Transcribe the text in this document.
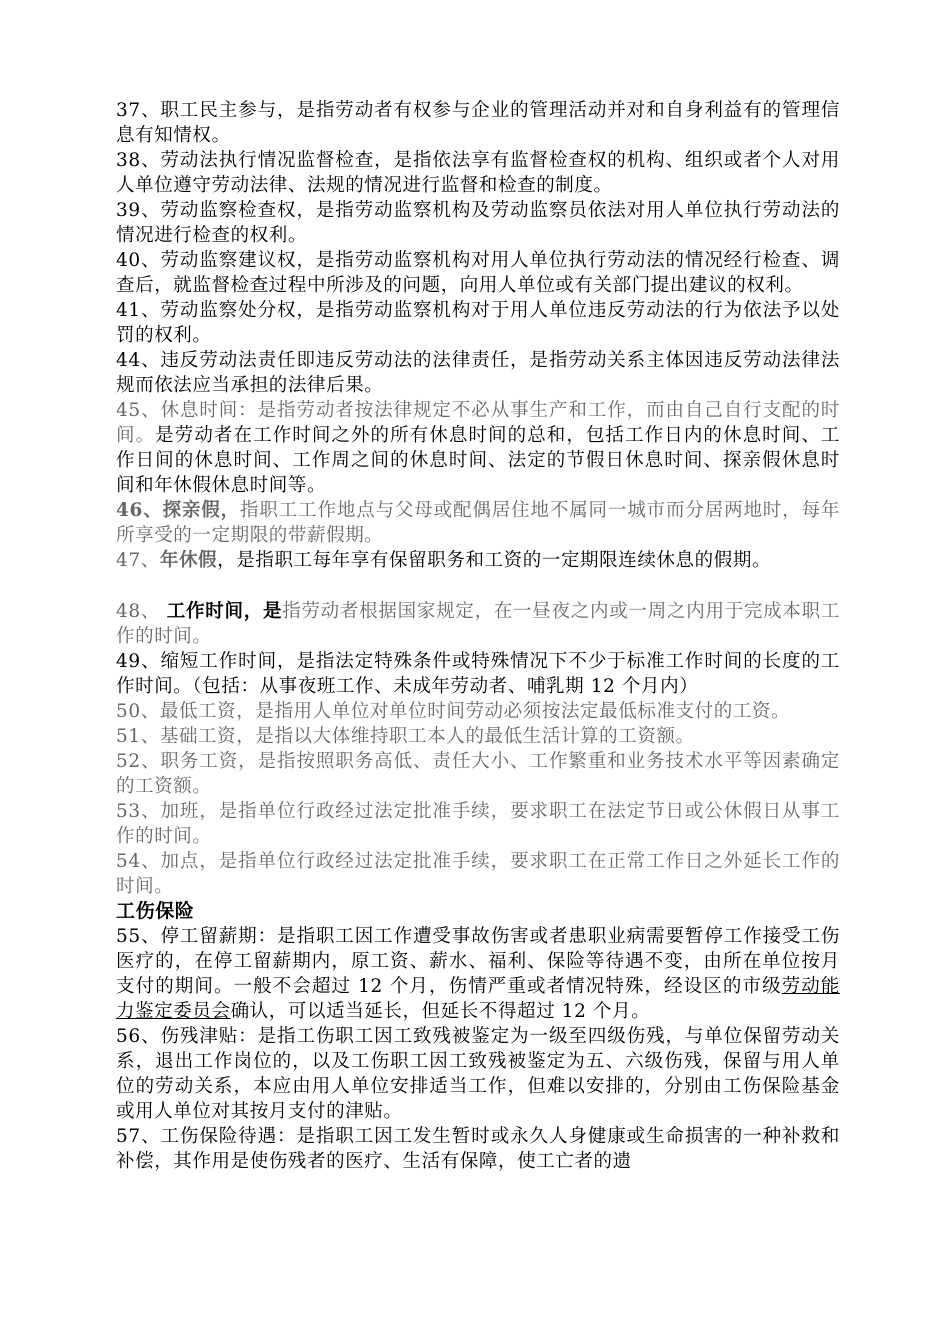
37、职工民主参与，是指劳动者有权参与企业的管理活动并对和自身利益有的管理信息有知情权。

38、劳动法执行情况监督检查，是指依法享有监督检查权的机构、组织或者个人对用人单位遵守劳动法律、法规的情况进行监督和检查的制度。

39、劳动监察检查权，是指劳动监察机构及劳动监察员依法对用人单位执行劳动法的情况进行检查的权利。

40、劳动监察建议权，是指劳动监察机构对用人单位执行劳动法的情况经行检查、调查后，就监督检查过程中所涉及的问题，向用人单位或有关部门提出建议的权利。

41、劳动监察处分权，是指劳动监察机构对于用人单位违反劳动法的行为依法予以处罚的权利。

44、违反劳动法责任即违反劳动法的法律责任，是指劳动关系主体因违反劳动法律法规而依法应当承担的法律后果。

45、休息时间：是指劳动者按法律规定不必从事生产和工作，而由自己自行支配的时间。是劳动者在工作时间之外的所有休息时间的总和，包括工作日内的休息时间、工作日间的休息时间、工作周之间的休息时间、法定的节假日休息时间、探亲假休息时间和年休假休息时间等。

46、探亲假，指职工工作地点与父母或配偶居住地不属同一城市而分居两地时，每年所享受的一定期限的带薪假期。

47、年休假，是指职工每年享有保留职务和工资的一定期限连续休息的假期。

48、 工作时间，是指劳动者根据国家规定，在一昼夜之内或一周之内用于完成本职工作的时间。

49、缩短工作时间，是指法定特殊条件或特殊情况下不少于标准工作时间的长度的工作时间。（包括：从事夜班工作、未成年劳动者、哺乳期 12 个月内）

50、最低工资，是指用人单位对单位时间劳动必须按法定最低标准支付的工资。

51、基础工资，是指以大体维持职工本人的最低生活计算的工资额。

52、职务工资，是指按照职务高低、责任大小、工作繁重和业务技术水平等因素确定的工资额。

53、加班，是指单位行政经过法定批准手续，要求职工在法定节日或公休假日从事工作的时间。

54、加点，是指单位行政经过法定批准手续，要求职工在正常工作日之外延长工作的时间。

工伤保险

55、停工留薪期：是指职工因工作遭受事故伤害或者患职业病需要暂停工作接受工伤医疗的，在停工留薪期内，原工资、薪水、福利、保险等待遇不变，由所在单位按月支付的期间。一般不会超过 12 个月，伤情严重或者情况特殊，经设区的市级劳动能力鉴定委员会确认，可以适当延长，但延长不得超过 12 个月。

56、伤残津贴：是指工伤职工因工致残被鉴定为一级至四级伤残，与单位保留劳动关系，退出工作岗位的，以及工伤职工因工致残被鉴定为五、六级伤残，保留与用人单位的劳动关系，本应由用人单位安排适当工作，但难以安排的，分别由工伤保险基金或用人单位对其按月支付的津贴。

57、工伤保险待遇：是指职工因工发生暂时或永久人身健康或生命损害的一种补救和补偿，其作用是使伤残者的医疗、生活有保障，使工亡者的遗
